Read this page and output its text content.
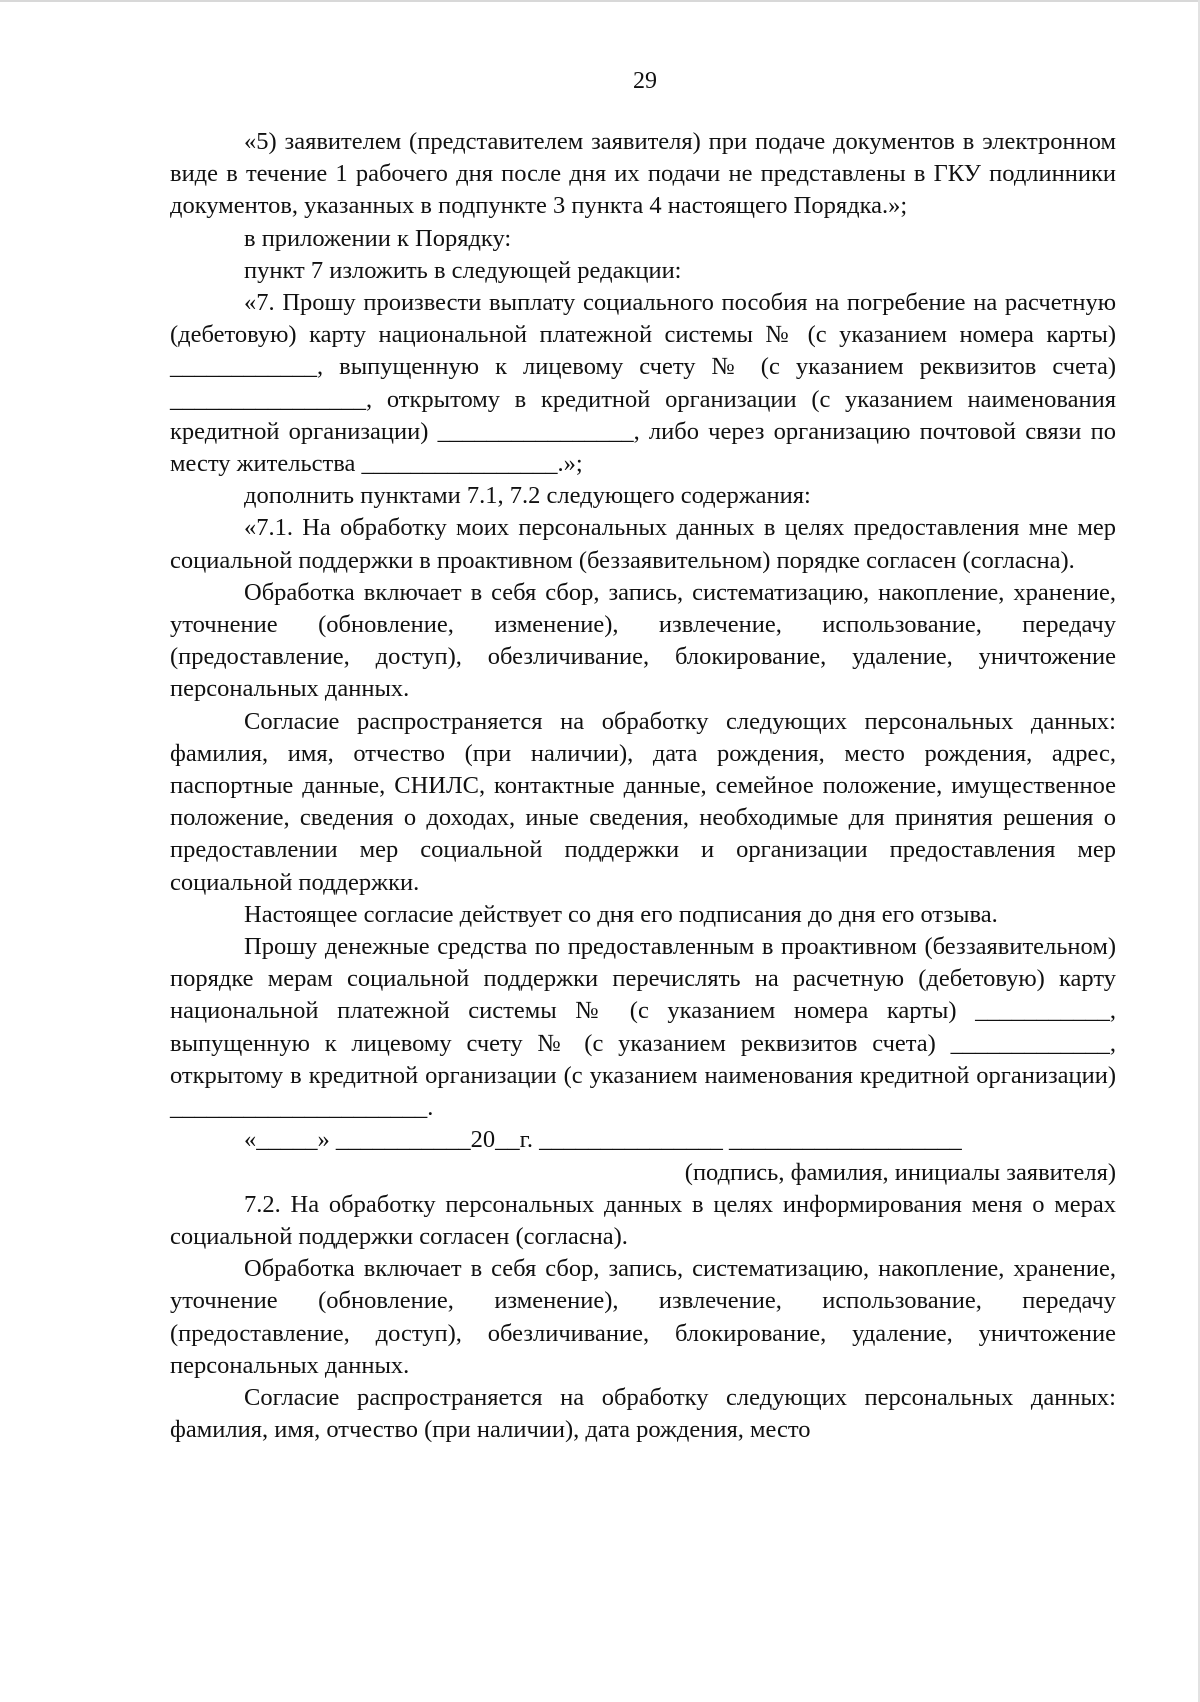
29

«5) заявителем (представителем заявителя) при подаче документов в электронном виде в течение 1 рабочего дня после дня их подачи не представлены в ГКУ подлинники документов, указанных в подпункте 3 пункта 4 настоящего Порядка.»;

в приложении к Порядку:

пункт 7 изложить в следующей редакции:

«7. Прошу произвести выплату социального пособия на погребение на расчетную (дебетовую) карту национальной платежной системы № (с указанием номера карты) ____________, выпущенную к лицевому счету № (с указанием реквизитов счета) ________________, открытому в кредитной организации (с указанием наименования кредитной организации) ________________, либо через организацию почтовой связи по месту жительства ________________.»;

дополнить пунктами 7.1, 7.2 следующего содержания:

«7.1. На обработку моих персональных данных в целях предоставления мне мер социальной поддержки в проактивном (беззаявительном) порядке согласен (согласна).

Обработка включает в себя сбор, запись, систематизацию, накопление, хранение, уточнение (обновление, изменение), извлечение, использование, передачу (предоставление, доступ), обезличивание, блокирование, удаление, уничтожение персональных данных.

Согласие распространяется на обработку следующих персональных данных: фамилия, имя, отчество (при наличии), дата рождения, место рождения, адрес, паспортные данные, СНИЛС, контактные данные, семейное положение, имущественное положение, сведения о доходах, иные сведения, необходимые для принятия решения о предоставлении мер социальной поддержки и организации предоставления мер социальной поддержки.

Настоящее согласие действует со дня его подписания до дня его отзыва.

Прошу денежные средства по предоставленным в проактивном (беззаявительном) порядке мерам социальной поддержки перечислять на расчетную (дебетовую) карту национальной платежной системы № (с указанием номера карты) ___________, выпущенную к лицевому счету № (с указанием реквизитов счета) _____________, открытому в кредитной организации (с указанием наименования кредитной организации) _____________________.

«_____» ___________20__г. _______________ ___________________

(подпись, фамилия, инициалы заявителя)

7.2. На обработку персональных данных в целях информирования меня о мерах социальной поддержки согласен (согласна).

Обработка включает в себя сбор, запись, систематизацию, накопление, хранение, уточнение (обновление, изменение), извлечение, использование, передачу (предоставление, доступ), обезличивание, блокирование, удаление, уничтожение персональных данных.

Согласие распространяется на обработку следующих персональных данных: фамилия, имя, отчество (при наличии), дата рождения, место
